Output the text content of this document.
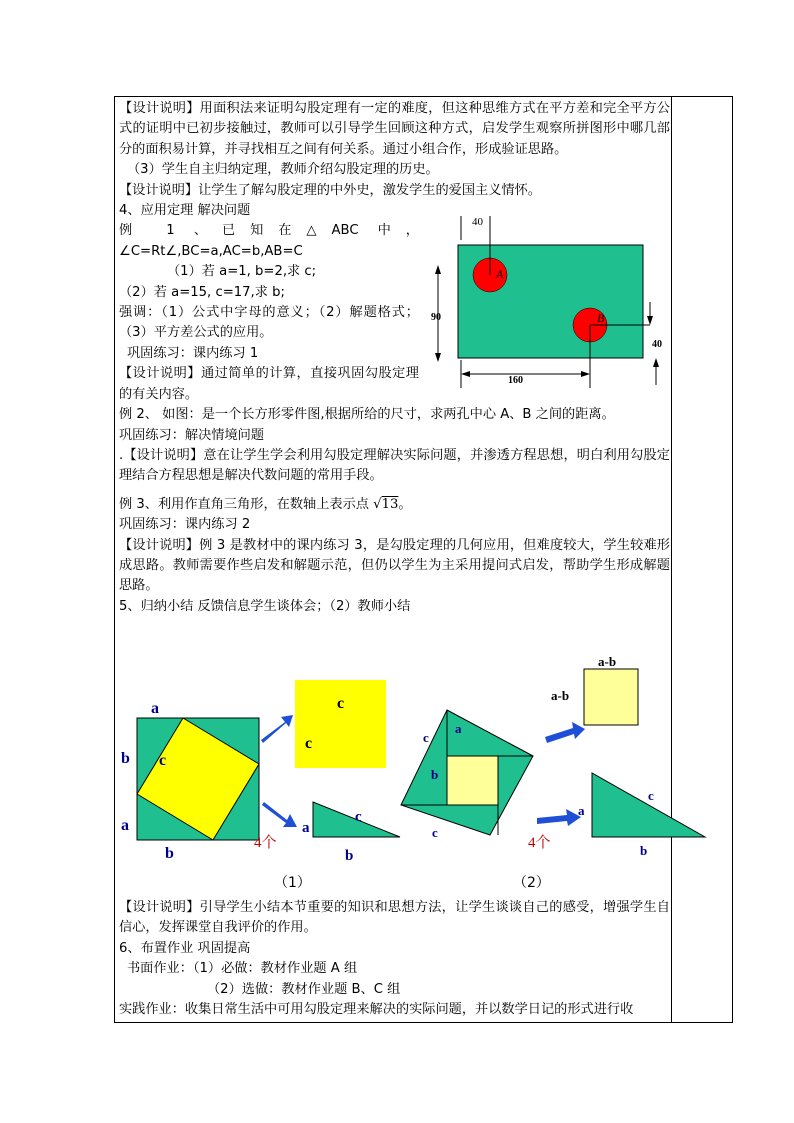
【设计说明】用面积法来证明勾股定理有一定的难度，但这种思维方式在平方差和完全平方公式的证明中已初步接触过，教师可以引导学生回顾这种方式，启发学生观察所拼图形中哪几部分的面积易计算，并寻找相互之间有何关系。通过小组合作，形成验证思路。

（3）学生自主归纳定理，教师介绍勾股定理的历史。

【设计说明】让学生了解勾股定理的中外史，激发学生的爱国主义情怀。

4、应用定理 解决问题

例 1 、已知在△ABC 中，∠C=Rt∠,BC=a,AC=b,AB=C

（1）若 a=1, b=2,求 c;

（2）若 a=15, c=17,求 b;

强调：（1）公式中字母的意义；（2）解题格式；（3）平方差公式的应用。

巩固练习：课内练习 1

【设计说明】通过简单的计算，直接巩固勾股定理的有关内容。

例 2、 如图：是一个长方形零件图,根据所给的尺寸，求两孔中心 A、B 之间的距离。

巩固练习：解决情境问题

.【设计说明】意在让学生学会利用勾股定理解决实际问题，并渗透方程思想，明白利用勾股定理结合方程思想是解决代数问题的常用手段。

例 3、利用作直角三角形，在数轴上表示点 √13。

巩固练习：课内练习 2

【设计说明】例 3 是教材中的课内练习 3，是勾股定理的几何应用，但难度较大，学生较难形成思路。教师需要作些启发和解题示范，但仍以学生为主采用提问式启发，帮助学生形成解题思路。

5、归纳小结 反馈信息学生谈体会；（2）教师小结

40
A
B
90
40
160
a
b c
a
b
c
c
a
c
b
4个
c
a
b
c
a-b
a-b
a
c
b
4个
（1）	（2）

【设计说明】引导学生小结本节重要的知识和思想方法，让学生谈谈自己的感受，增强学生自信心，发挥课堂自我评价的作用。

6、布置作业 巩固提高

书面作业：（1）必做：教材作业题 A 组

（2）选做：教材作业题 B、C 组

实践作业：收集日常生活中可用勾股定理来解决的实际问题，并以数学日记的形式进行收
